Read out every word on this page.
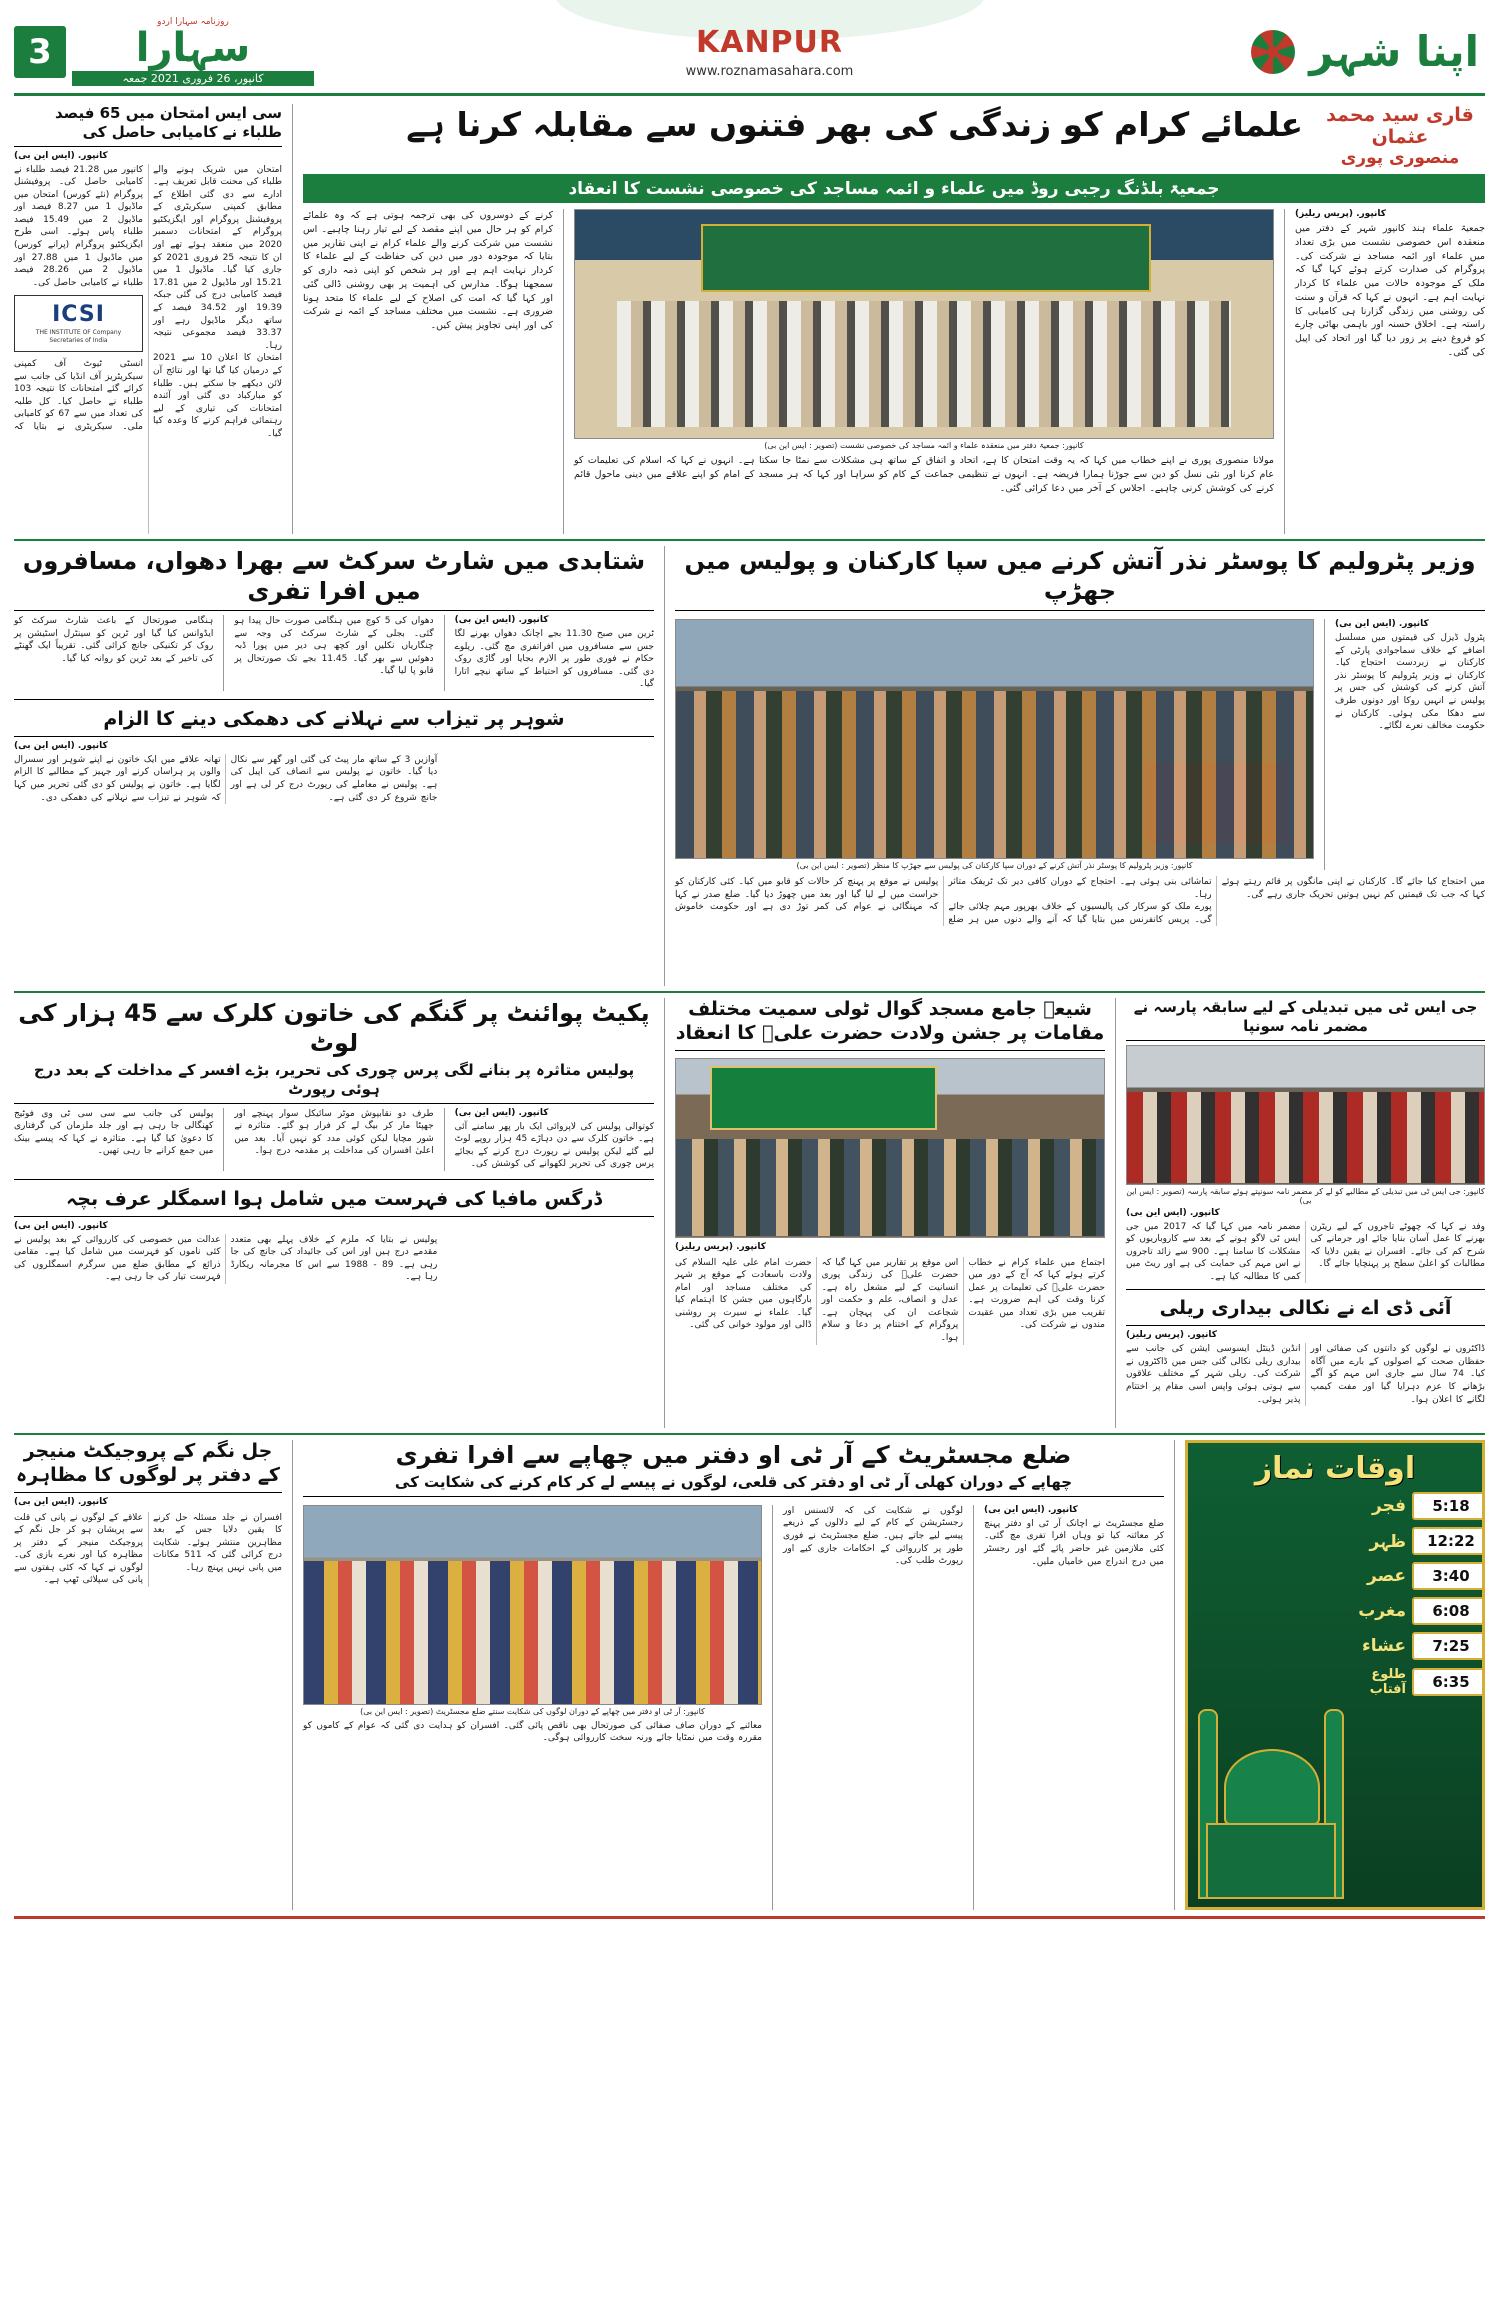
3
روزنامہ سہارا اردو
سہارا
کانپور، 26 فروری 2021 جمعہ
KANPUR
www.roznamasahara.com	اپنا شہر
سی ایس امتحان میں 65 فیصد طلباء نے کامیابی حاصل کی
کانپور. (ایس این بی)
کانپور میں 21.28 فیصد طلباء نے کامیابی حاصل کی۔ پروفیشنل پروگرام (نئے کورس) امتحان میں ماڈیول 1 میں 8.27 فیصد اور ماڈیول 2 میں 15.49 فیصد طلباء پاس ہوئے۔ اسی طرح ایگزیکٹیو پروگرام (پرانے کورس) میں ماڈیول 1 میں 27.88 اور ماڈیول 2 میں 28.26 فیصد طلباء نے کامیابی حاصل کی۔
ICSI
THE INSTITUTE OF Company Secretaries of India
انسٹی ٹیوٹ آف کمپنی سیکریٹریز آف انڈیا کی جانب سے کرائے گئے امتحانات کا نتیجہ 103 طلباء نے حاصل کیا۔ کل طلبہ کی تعداد میں سے 67 کو کامیابی ملی۔ سیکریٹری نے بتایا کہ امتحان میں شریک ہونے والے طلباء کی محنت قابل تعریف ہے۔
ادارے سے دی گئی اطلاع کے مطابق کمپنی سیکریٹری کے پروفیشنل پروگرام اور ایگزیکٹیو پروگرام کے امتحانات دسمبر 2020 میں منعقد ہوئے تھے اور ان کا نتیجہ 25 فروری 2021 کو جاری کیا گیا۔ ماڈیول 1 میں 15.21 اور ماڈیول 2 میں 17.81 فیصد کامیابی درج کی گئی جبکہ 19.39 اور 34.52 فیصد کے ساتھ دیگر ماڈیول رہے اور 33.37 فیصد مجموعی نتیجہ رہا۔
امتحان کا اعلان 10 سے 2021 کے درمیان کیا گیا تھا اور نتائج آن لائن دیکھے جا سکتے ہیں۔ طلباء کو مبارکباد دی گئی اور آئندہ امتحانات کی تیاری کے لیے رہنمائی فراہم کرنے کا وعدہ کیا گیا۔
علمائے کرام کو زندگی کی بھر فتنوں سے مقابلہ کرنا ہے	قاری سید محمد عثمان
منصوری پوری
جمعیۃ بلڈنگ رجبی روڈ میں علماء و ائمہ مساجد کی خصوصی نشست کا انعقاد
کرنے کے دوسروں کی بھی ترجمہ ہوتی ہے کہ وہ علمائے کرام کو ہر حال میں اپنے مقصد کے لیے تیار رہنا چاہیے۔ اس نشست میں شرکت کرنے والے علماء کرام نے اپنی تقاریر میں بتایا کہ موجودہ دور میں دین کی حفاظت کے لیے علماء کا کردار نہایت اہم ہے اور ہر شخص کو اپنی ذمہ داری کو سمجھنا ہوگا۔ مدارس کی اہمیت پر بھی روشنی ڈالی گئی اور کہا گیا کہ امت کی اصلاح کے لیے علماء کا متحد ہونا ضروری ہے۔ نشست میں مختلف مساجد کے ائمہ نے شرکت کی اور اپنی تجاویز پیش کیں۔
کانپور: جمعیۃ دفتر میں منعقدہ علماء و ائمہ مساجد کی خصوصی نشست (تصویر : ایس این بی)
مولانا منصوری پوری نے اپنے خطاب میں کہا کہ یہ وقت امتحان کا ہے، اتحاد و اتفاق کے ساتھ ہی مشکلات سے نمٹا جا سکتا ہے۔ انہوں نے کہا کہ اسلام کی تعلیمات کو عام کرنا اور نئی نسل کو دین سے جوڑنا ہمارا فریضہ ہے۔ انہوں نے تنظیمی جماعت کے کام کو سراہا اور کہا کہ ہر مسجد کے امام کو اپنے علاقے میں دینی ماحول قائم کرنے کی کوشش کرنی چاہیے۔ اجلاس کے آخر میں دعا کرائی گئی۔
کانپور. (پریس ریلیز)
جمعیۃ علماء ہند کانپور شہر کے دفتر میں منعقدہ اس خصوصی نشست میں بڑی تعداد میں علماء اور ائمہ مساجد نے شرکت کی۔ پروگرام کی صدارت کرتے ہوئے کہا گیا کہ ملک کے موجودہ حالات میں علماء کا کردار نہایت اہم ہے۔ انہوں نے کہا کہ قرآن و سنت کی روشنی میں زندگی گزارنا ہی کامیابی کا راستہ ہے۔ اخلاق حسنہ اور باہمی بھائی چارے کو فروغ دینے پر زور دیا گیا اور اتحاد کی اپیل کی گئی۔
شتابدی میں شارٹ سرکٹ سے بھرا دھواں، مسافروں میں افرا تفری
ہنگامی صورتحال کے باعث شارٹ سرکٹ کو ایڈوانس کیا گیا اور ٹرین کو سینٹرل اسٹیشن پر روک کر تکنیکی جانچ کرائی گئی۔ تقریباً ایک گھنٹے کی تاخیر کے بعد ٹرین کو روانہ کیا گیا۔
دھواں کی 5 کوچ میں ہنگامی صورت حال پیدا ہو گئی۔ بجلی کے شارٹ سرکٹ کی وجہ سے چنگاریاں نکلیں اور کچھ ہی دیر میں پورا ڈبہ دھوئیں سے بھر گیا۔ 11.45 بجے تک صورتحال پر قابو پا لیا گیا۔
کانپور. (ایس این بی)
ٹرین میں صبح 11.30 بجے اچانک دھواں بھرنے لگا جس سے مسافروں میں افراتفری مچ گئی۔ ریلوے حکام نے فوری طور پر الارم بجایا اور گاڑی روک دی گئی۔ مسافروں کو احتیاط کے ساتھ نیچے اتارا گیا۔
شوہر پر تیزاب سے نہلانے کی دھمکی دینے کا الزام
کانپور. (ایس این بی)
تھانہ علاقے میں ایک خاتون نے اپنے شوہر اور سسرال والوں پر ہراساں کرنے اور جہیز کے مطالبے کا الزام لگایا ہے۔ خاتون نے پولیس کو دی گئی تحریر میں کہا کہ شوہر نے تیزاب سے نہلانے کی دھمکی دی۔
آوازیں 3 کے ساتھ مار پیٹ کی گئی اور گھر سے نکال دیا گیا۔ خاتون نے پولیس سے انصاف کی اپیل کی ہے۔ پولیس نے معاملے کی رپورٹ درج کر لی ہے اور جانچ شروع کر دی گئی ہے۔
وزیر پٹرولیم کا پوسٹر نذر آتش کرنے میں سپا کارکنان و پولیس میں جھڑپ
کانپور: وزیر پٹرولیم کا پوسٹر نذر آتش کرنے کے دوران سپا کارکنان کی پولیس سے جھڑپ کا منظر (تصویر : ایس این بی)
کانپور. (ایس این بی)
پٹرول ڈیزل کی قیمتوں میں مسلسل اضافے کے خلاف سماجوادی پارٹی کے کارکنان نے زبردست احتجاج کیا۔ کارکنان نے وزیر پٹرولیم کا پوسٹر نذر آتش کرنے کی کوشش کی جس پر پولیس نے انہیں روکا اور دونوں طرف سے دھکا مکی ہوئی۔ کارکنان نے حکومت مخالف نعرے لگائے۔
پولیس نے موقع پر پہنچ کر حالات کو قابو میں کیا۔ کئی کارکنان کو حراست میں لے لیا گیا اور بعد میں چھوڑ دیا گیا۔ ضلع صدر نے کہا کہ مہنگائی نے عوام کی کمر توڑ دی ہے اور حکومت خاموش تماشائی بنی ہوئی ہے۔ احتجاج کے دوران کافی دیر تک ٹریفک متاثر رہا۔
پورے ملک کو سرکار کی پالیسیوں کے خلاف بھرپور مہم چلائی جائے گی۔ پریس کانفرنس میں بتایا گیا کہ آنے والے دنوں میں ہر ضلع میں احتجاج کیا جائے گا۔ کارکنان نے اپنی مانگوں پر قائم رہتے ہوئے کہا کہ جب تک قیمتیں کم نہیں ہوتیں تحریک جاری رہے گی۔
پکیٹ پوائنٹ پر گنگم کی خاتون کلرک سے 45 ہزار کی لوٹ
پولیس متاثرہ پر بنانے لگی پرس چوری کی تحریر، بڑے افسر کے مداخلت کے بعد درج ہوئی رپورٹ
پولیس کی جانب سے سی سی ٹی وی فوٹیج کھنگالی جا رہی ہے اور جلد ملزمان کی گرفتاری کا دعویٰ کیا گیا ہے۔ متاثرہ نے کہا کہ پیسے بینک میں جمع کرانے جا رہی تھیں۔
طرف دو نقابپوش موٹر سائیکل سوار پہنچے اور جھپٹا مار کر بیگ لے کر فرار ہو گئے۔ متاثرہ نے شور مچایا لیکن کوئی مدد کو نہیں آیا۔ بعد میں اعلیٰ افسران کی مداخلت پر مقدمہ درج ہوا۔
کانپور. (ایس این بی)
کوتوالی پولیس کی لاپروائی ایک بار پھر سامنے آئی ہے۔ خاتون کلرک سے دن دہاڑے 45 ہزار روپے لوٹ لیے گئے لیکن پولیس نے رپورٹ درج کرنے کے بجائے پرس چوری کی تحریر لکھوانے کی کوشش کی۔
ڈرگس مافیا کی فہرست میں شامل ہوا اسمگلر عرف بچہ
کانپور. (ایس این بی)
عدالت میں خصوصی کی کارروائی کے بعد پولیس نے کئی ناموں کو فہرست میں شامل کیا ہے۔ مقامی ذرائع کے مطابق ضلع میں سرگرم اسمگلروں کی فہرست تیار کی جا رہی ہے۔
پولیس نے بتایا کہ ملزم کے خلاف پہلے بھی متعدد مقدمے درج ہیں اور اس کی جائیداد کی جانچ کی جا رہی ہے۔ 89 - 1988 سے اس کا مجرمانہ ریکارڈ رہا ہے۔
شیعہ جامع مسجد گوال ٹولی سمیت مختلف مقامات پر جشن ولادت حضرت علیؑ کا انعقاد
کانپور. (پریس ریلیز)
حضرت امام علی علیہ السلام کی ولادت باسعادت کے موقع پر شہر کی مختلف مساجد اور امام بارگاہوں میں جشن کا اہتمام کیا گیا۔ علماء نے سیرت پر روشنی ڈالی اور مولود خوانی کی گئی۔
اس موقع پر تقاریر میں کہا گیا کہ حضرت علیؑ کی زندگی پوری انسانیت کے لیے مشعل راہ ہے۔ عدل و انصاف، علم و حکمت اور شجاعت ان کی پہچان ہے۔ پروگرام کے اختتام پر دعا و سلام ہوا۔
اجتماع میں علماء کرام نے خطاب کرتے ہوئے کہا کہ آج کے دور میں حضرت علیؑ کی تعلیمات پر عمل کرنا وقت کی اہم ضرورت ہے۔ تقریب میں بڑی تعداد میں عقیدت مندوں نے شرکت کی۔
جی ایس ٹی میں تبدیلی کے لیے سابقہ پارسہ نے مضمر نامہ سونپا
کانپور: جی ایس ٹی میں تبدیلی کے مطالبے کو لے کر مضمر نامہ سونپتے ہوئے سابقہ پارسہ (تصویر : ایس این بی)
کانپور. (ایس این بی)
مضمر نامہ میں کہا گیا کہ 2017 میں جی ایس ٹی لاگو ہونے کے بعد سے کاروباریوں کو مشکلات کا سامنا ہے۔ 900 سے زائد تاجروں نے اس مہم کی حمایت کی ہے اور ریٹ میں کمی کا مطالبہ کیا ہے۔
وفد نے کہا کہ چھوٹے تاجروں کے لیے ریٹرن بھرنے کا عمل آسان بنایا جائے اور جرمانے کی شرح کم کی جائے۔ افسران نے یقین دلایا کہ مطالبات کو اعلیٰ سطح پر پہنچایا جائے گا۔
آئی ڈی اے نے نکالی بیداری ریلی
کانپور. (پریس ریلیز)
انڈین ڈینٹل ایسوسی ایشن کی جانب سے بیداری ریلی نکالی گئی جس میں ڈاکٹروں نے شرکت کی۔ ریلی شہر کے مختلف علاقوں سے ہوتی ہوئی واپس اسی مقام پر اختتام پذیر ہوئی۔
ڈاکٹروں نے لوگوں کو دانتوں کی صفائی اور حفظان صحت کے اصولوں کے بارے میں آگاہ کیا۔ 74 سال سے جاری اس مہم کو آگے بڑھانے کا عزم دہرایا گیا اور مفت کیمپ لگانے کا اعلان ہوا۔
جل نگم کے پروجیکٹ منیجر کے دفتر پر لوگوں کا مظاہرہ
کانپور. (ایس این بی)
علاقے کے لوگوں نے پانی کی قلت سے پریشان ہو کر جل نگم کے پروجیکٹ منیجر کے دفتر پر مظاہرہ کیا اور نعرے بازی کی۔ لوگوں نے کہا کہ کئی ہفتوں سے پانی کی سپلائی ٹھپ ہے۔
افسران نے جلد مسئلہ حل کرنے کا یقین دلایا جس کے بعد مظاہرین منتشر ہوئے۔ شکایت درج کرائی گئی کہ 511 مکانات میں پانی نہیں پہنچ رہا۔
ضلع مجسٹریٹ کے آر ٹی او دفتر میں چھاپے سے افرا تفری
چھاپے کے دوران کھلی آر ٹی او دفتر کی قلعی، لوگوں نے پیسے لے کر کام کرنے کی شکایت کی
کانپور: آر ٹی او دفتر میں چھاپے کے دوران لوگوں کی شکایت سنتے ضلع مجسٹریٹ (تصویر : ایس این بی)
معائنے کے دوران صاف صفائی کی صورتحال بھی ناقص پائی گئی۔ افسران کو ہدایت دی گئی کہ عوام کے کاموں کو مقررہ وقت میں نمٹایا جائے ورنہ سخت کارروائی ہوگی۔
لوگوں نے شکایت کی کہ لائسنس اور رجسٹریشن کے کام کے لیے دلالوں کے ذریعے پیسے لیے جاتے ہیں۔ ضلع مجسٹریٹ نے فوری طور پر کارروائی کے احکامات جاری کیے اور رپورٹ طلب کی۔
کانپور. (ایس این بی)
ضلع مجسٹریٹ نے اچانک آر ٹی او دفتر پہنچ کر معائنہ کیا تو وہاں افرا تفری مچ گئی۔ کئی ملازمین غیر حاضر پائے گئے اور رجسٹر میں درج اندراج میں خامیاں ملیں۔
اوقات نماز
فجر	5:18
ظہر	12:22
عصر	3:40
مغرب	6:08
عشاء	7:25
طلوع آفتاب	6:35
